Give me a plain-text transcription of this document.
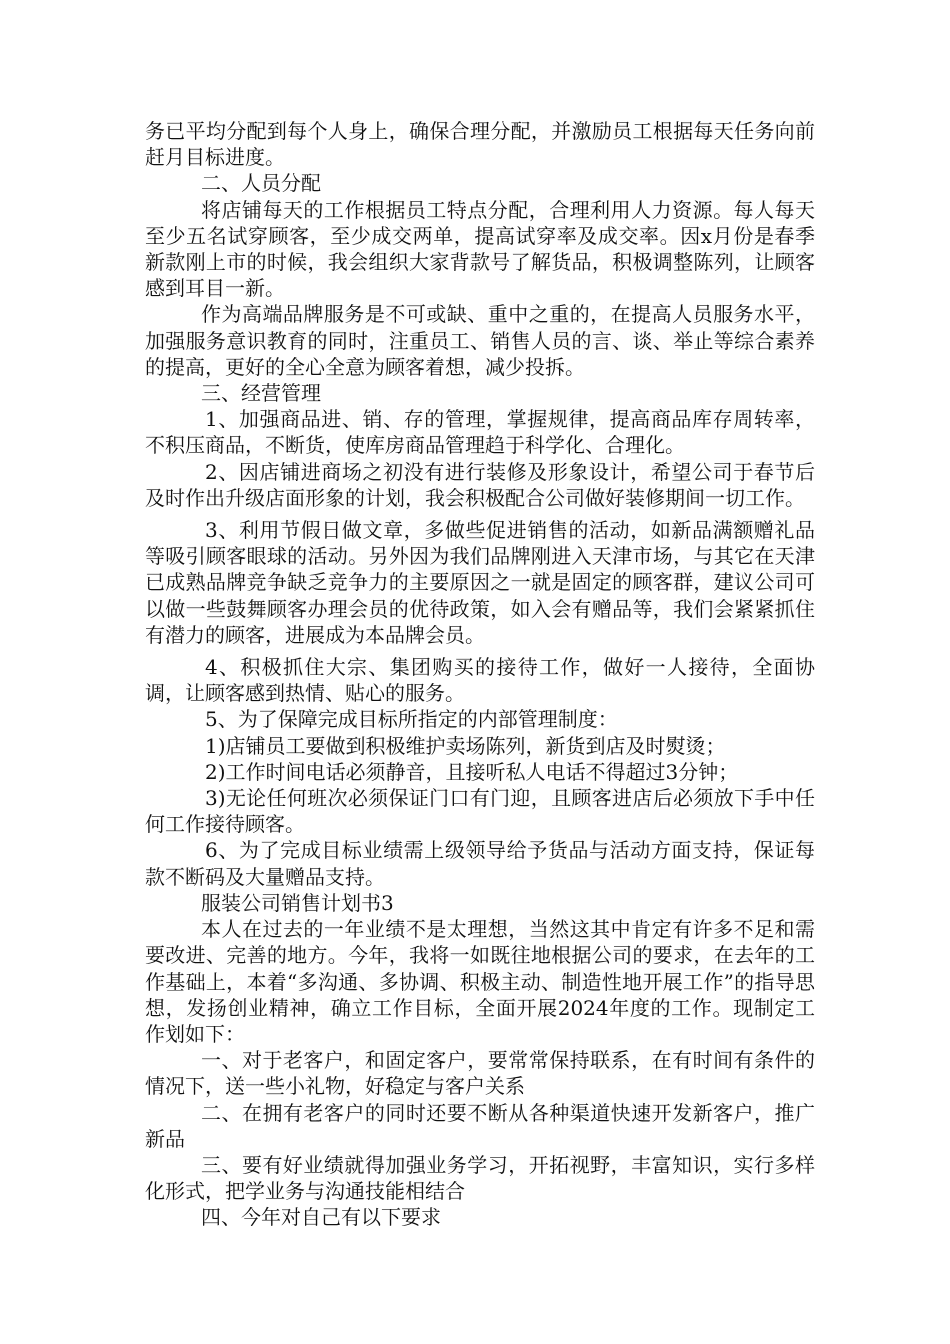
务已平均分配到每个人身上，确保合理分配，并激励员工根据每天任务向前赶月目标进度。

二、人员分配

将店铺每天的工作根据员工特点分配，合理利用人力资源。每人每天至少五名试穿顾客，至少成交两单，提高试穿率及成交率。因x月份是春季新款刚上市的时候，我会组织大家背款号了解货品，积极调整陈列，让顾客感到耳目一新。

作为高端品牌服务是不可或缺、重中之重的，在提高人员服务水平，加强服务意识教育的同时，注重员工、销售人员的言、谈、举止等综合素养的提高，更好的全心全意为顾客着想，减少投拆。

三、经营管理

1、加强商品进、销、存的管理，掌握规律，提高商品库存周转率，不积压商品，不断货，使库房商品管理趋于科学化、合理化。

2、因店铺进商场之初没有进行装修及形象设计，希望公司于春节后及时作出升级店面形象的计划，我会积极配合公司做好装修期间一切工作。

3、利用节假日做文章，多做些促进销售的活动，如新品满额赠礼品等吸引顾客眼球的活动。另外因为我们品牌刚进入天津市场，与其它在天津已成熟品牌竞争缺乏竞争力的主要原因之一就是固定的顾客群，建议公司可以做一些鼓舞顾客办理会员的优待政策，如入会有赠品等，我们会紧紧抓住有潜力的顾客，进展成为本品牌会员。

4、积极抓住大宗、集团购买的接待工作，做好一人接待，全面协调，让顾客感到热情、贴心的服务。

5、为了保障完成目标所指定的内部管理制度：

1)店铺员工要做到积极维护卖场陈列，新货到店及时熨烫；

2)工作时间电话必须静音，且接听私人电话不得超过3分钟；

3)无论任何班次必须保证门口有门迎，且顾客进店后必须放下手中任何工作接待顾客。

6、为了完成目标业绩需上级领导给予货品与活动方面支持，保证每款不断码及大量赠品支持。

服装公司销售计划书3

本人在过去的一年业绩不是太理想，当然这其中肯定有许多不足和需要改进、完善的地方。今年，我将一如既往地根据公司的要求，在去年的工作基础上，本着“多沟通、多协调、积极主动、制造性地开展工作”的指导思想，发扬创业精神，确立工作目标，全面开展2024年度的工作。现制定工作划如下：

一、对于老客户，和固定客户，要常常保持联系，在有时间有条件的情况下，送一些小礼物，好稳定与客户关系

二、在拥有老客户的同时还要不断从各种渠道快速开发新客户，推广新品

三、要有好业绩就得加强业务学习，开拓视野，丰富知识，实行多样化形式，把学业务与沟通技能相结合

四、今年对自己有以下要求
